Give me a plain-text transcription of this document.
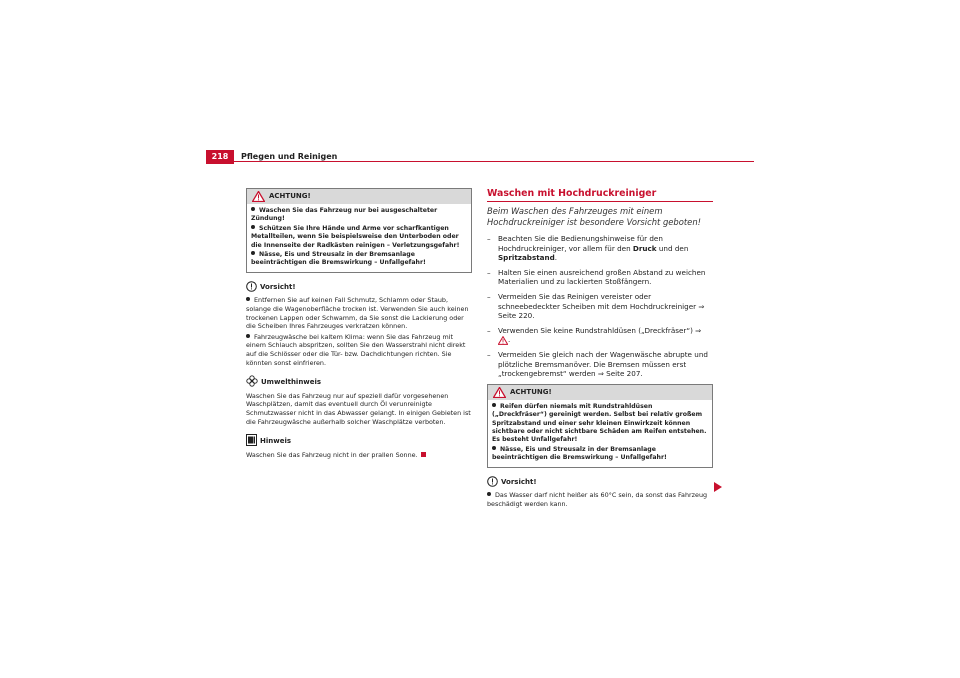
218	Pflegen und Reinigen
ACHTUNG!

Waschen Sie das Fahrzeug nur bei ausgeschalteter Zündung!

Schützen Sie Ihre Hände und Arme vor scharfkantigen Metallteilen, wenn Sie beispielsweise den Unterboden oder die Innenseite der Radkästen reinigen – Verletzungsgefahr!

Nässe, Eis und Streusalz in der Bremsanlage beeinträchtigen die Bremswirkung – Unfallgefahr!

Vorsicht!

Entfernen Sie auf keinen Fall Schmutz, Schlamm oder Staub, solange die Wagenoberfläche trocken ist. Verwenden Sie auch keinen trockenen Lappen oder Schwamm, da Sie sonst die Lackierung oder die Scheiben Ihres Fahrzeuges verkratzen können.

Fahrzeugwäsche bei kaltem Klima: wenn Sie das Fahrzeug mit einem Schlauch abspritzen, sollten Sie den Wasserstrahl nicht direkt auf die Schlösser oder die Tür- bzw. Dachdichtungen richten. Sie könnten sonst einfrieren.

Umwelthinweis

Waschen Sie das Fahrzeug nur auf speziell dafür vorgesehenen Waschplätzen, damit das eventuell durch Öl verunreinigte Schmutzwasser nicht in das Abwasser gelangt. In einigen Gebieten ist die Fahrzeugwäsche außerhalb solcher Waschplätze verboten.

Hinweis

Waschen Sie das Fahrzeug nicht in der prallen Sonne.

Waschen mit Hochdruckreiniger

Beim Waschen des Fahrzeuges mit einem Hochdruckreiniger ist besondere Vorsicht geboten!

– Beachten Sie die Bedienungshinweise für den Hochdruckreiniger, vor allem für den Druck und den Spritzabstand.
– Halten Sie einen ausreichend großen Abstand zu weichen Materialien und zu lackierten Stoßfängern.
– Vermeiden Sie das Reinigen vereister oder schneebedeckter Scheiben mit dem Hochdruckreiniger ⇒ Seite 220.
– Verwenden Sie keine Rundstrahldüsen („Dreckfräser“) ⇒ .
– Vermeiden Sie gleich nach der Wagenwäsche abrupte und plötzliche Bremsmanöver. Die Bremsen müssen erst „trockengebremst“ werden ⇒ Seite 207.
ACHTUNG!

Reifen dürfen niemals mit Rundstrahldüsen („Dreckfräser“) gereinigt werden. Selbst bei relativ großem Spritzabstand und einer sehr kleinen Einwirkzeit können sichtbare oder nicht sichtbare Schäden am Reifen entstehen. Es besteht Unfallgefahr!

Nässe, Eis und Streusalz in der Bremsanlage beeinträchtigen die Bremswirkung – Unfallgefahr!

Vorsicht!

Das Wasser darf nicht heißer als 60°C sein, da sonst das Fahrzeug beschädigt werden kann.
